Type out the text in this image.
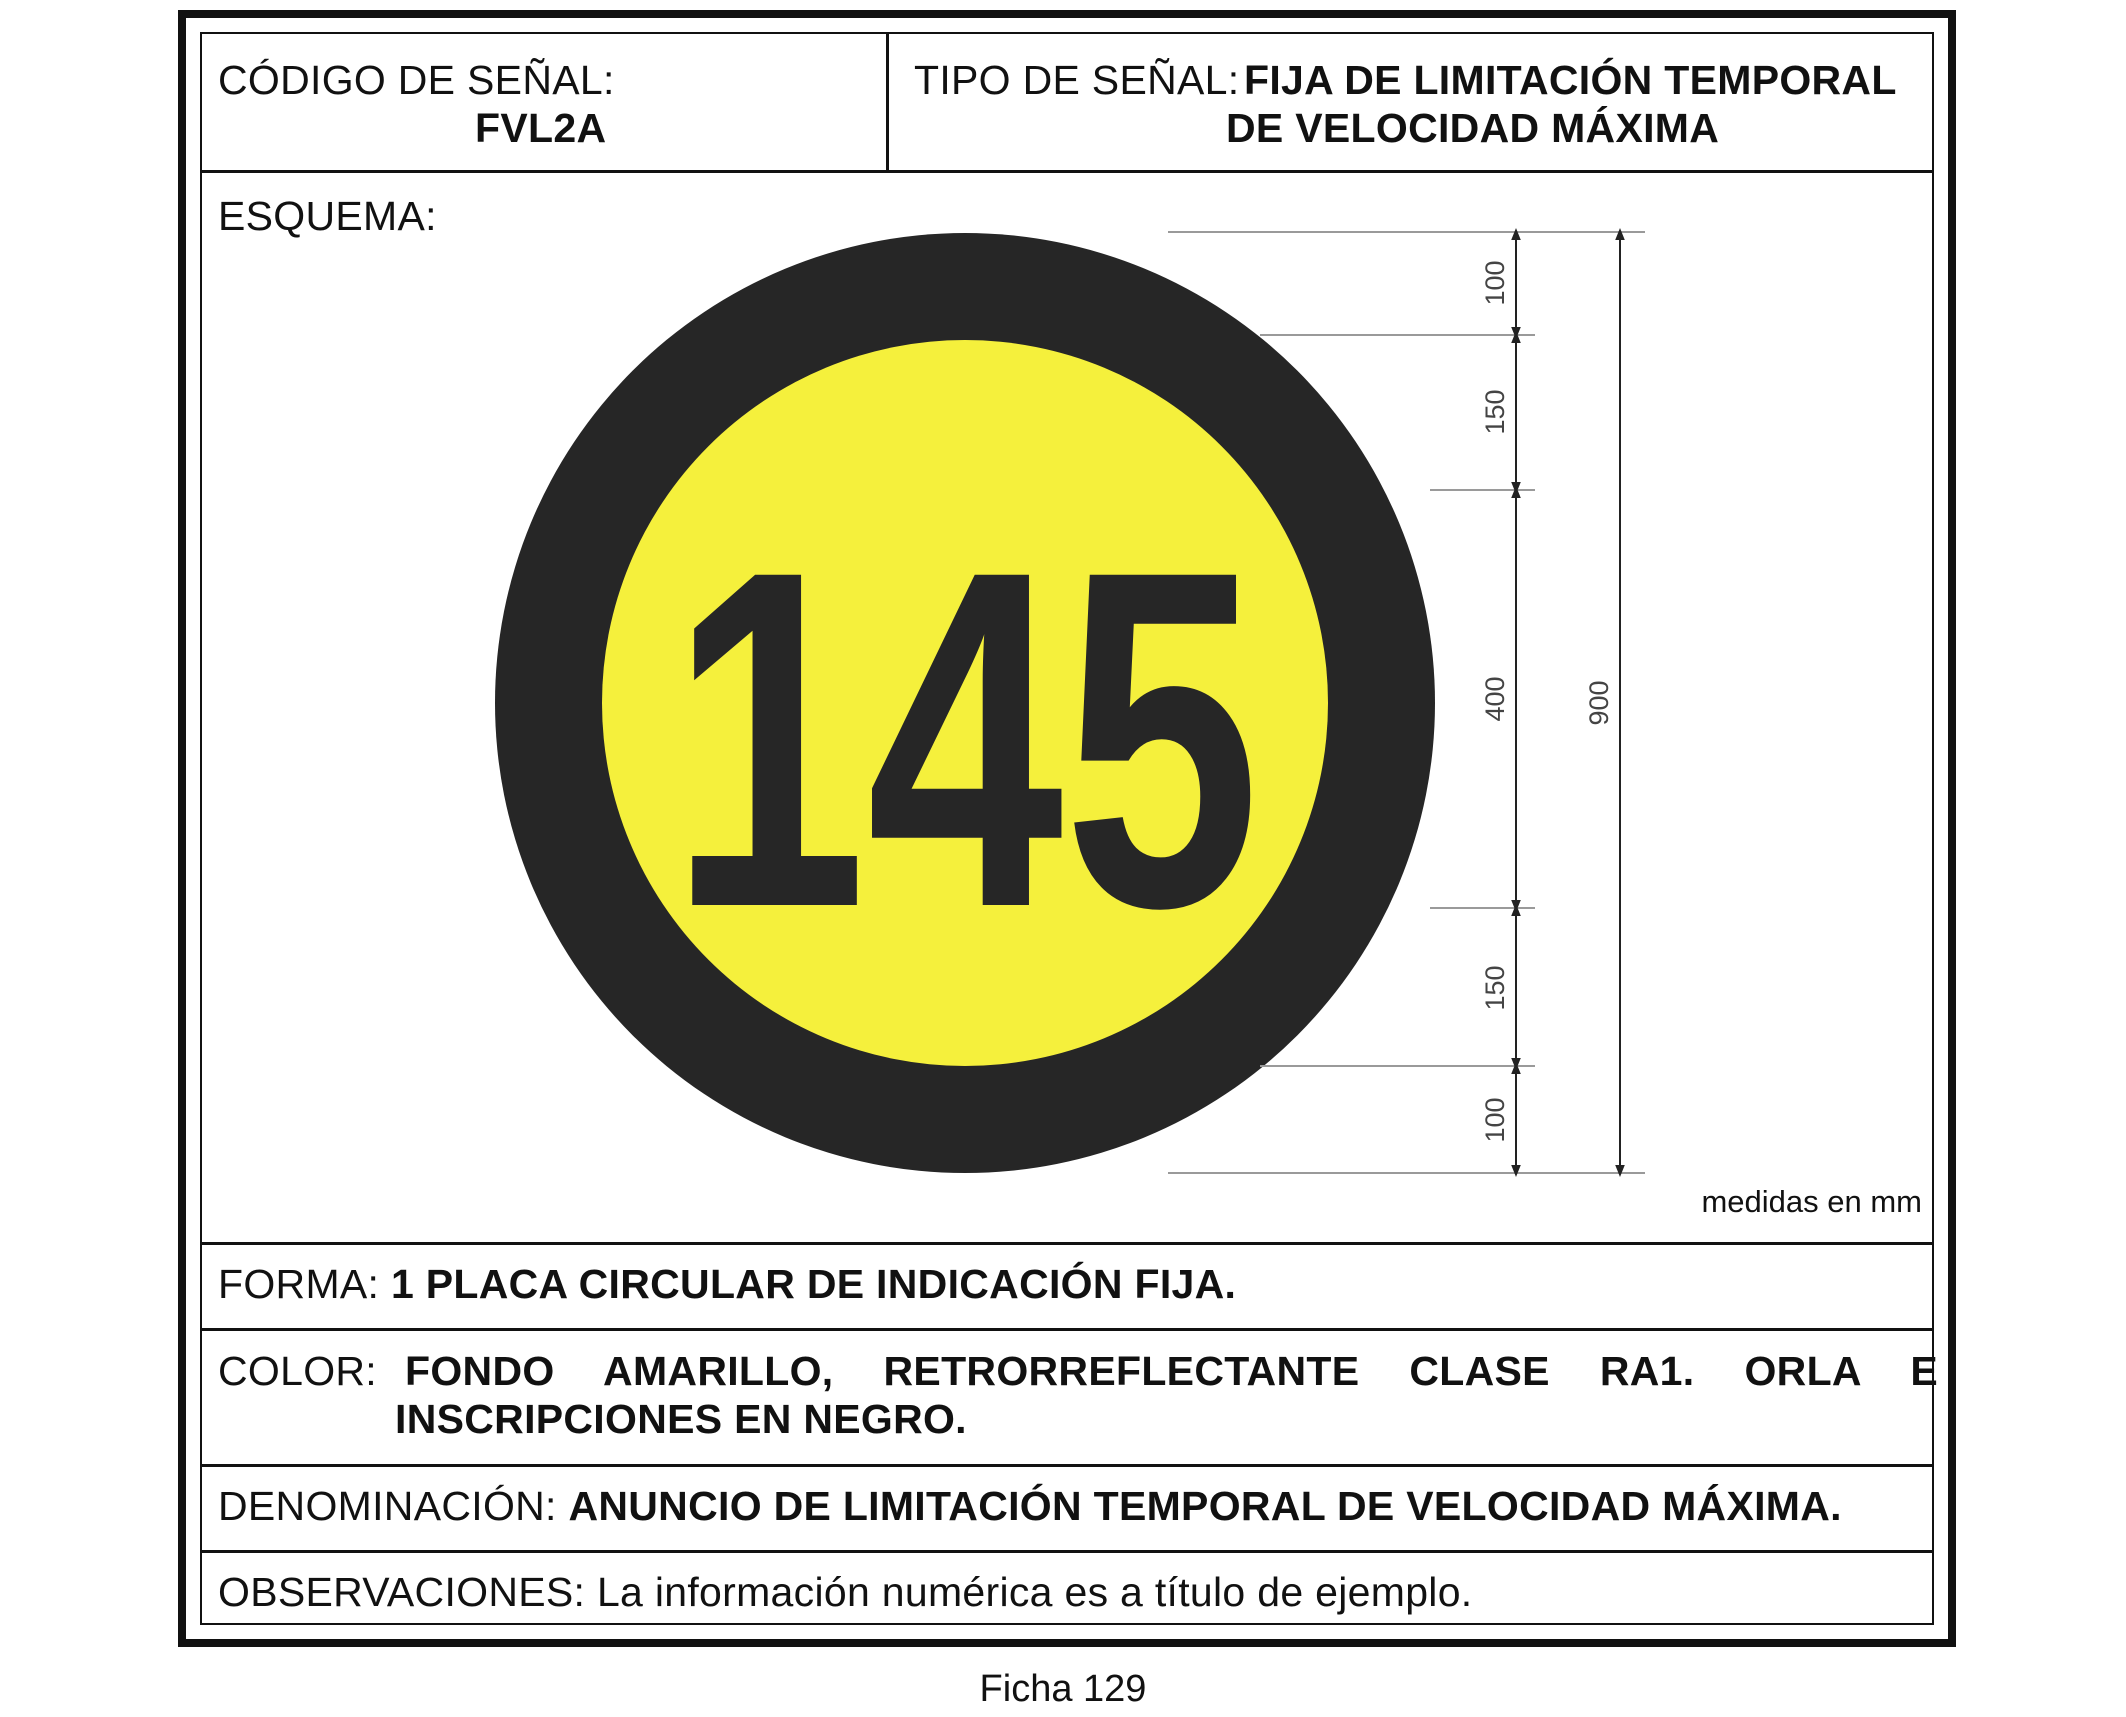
CÓDIGO DE SEÑAL:
FVL2A
TIPO DE SEÑAL: FIJA DE LIMITACIÓN TEMPORAL
DE VELOCIDAD MÁXIMA
ESQUEMA:
medidas en mm
FORMA: 1 PLACA CIRCULAR DE INDICACIÓN FIJA.
COLOR: FONDO AMARILLO, RETRORREFLECTANTE CLASE RA1. ORLA E
INSCRIPCIONES EN NEGRO.
DENOMINACIÓN: ANUNCIO DE LIMITACIÓN TEMPORAL DE VELOCIDAD MÁXIMA.
OBSERVACIONES: La información numérica es a título de ejemplo.
145
100
150
400
150
100
900
Ficha 129
